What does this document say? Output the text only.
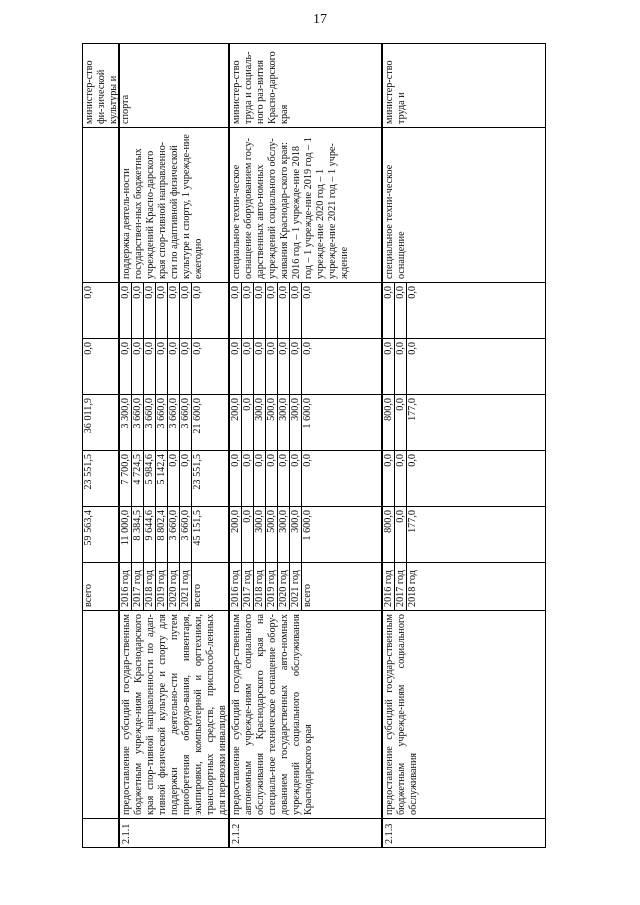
17
всего
59 563,4
23 551,5
36 011,9
0,0
0,0
министер-ство фи-зической культуры и спорта
2.1.1
предоставление субсидий государ-ственным бюджетным учрежде-ниям Краснодарского края спор-тивной направленности по адап-тивной физической культуре и спорту для поддержки деятельно-сти путем приобретения оборудо-вания, инвентаря, экипировки, компьютерной и оргтехники, транспортных средств, приспособ-ленных для перевозки инвалидов
2016 год 2017 год 2018 год 2019 год 2020 год 2021 год всего
11 000,0 8 384,5 9 644,6 8 802,4 3 660,0 3 660,0 45 151,5
7 700,0 4 724,5 5 984,6 5 142,4 0,0 0,0 23 551,5
3 300,0 3 660,0 3 660,0 3 660,0 3 660,0 3 660,0 21 600,0
0,0 0,0 0,0 0,0 0,0 0,0 0,0
0,0 0,0 0,0 0,0 0,0 0,0 0,0
поддержка деятель-ности государствен-ных бюджетных учреждений Красно-дарского края спор-тивной направленно-сти по адаптивной физической культуре и спорту, 1 учрежде-ние ежегодно
2.1.2
предоставление субсидий государ-ственным автономным учрежде-ниям социального обслуживания Краснодарского края на специаль-ное техническое оснащение обору-дованием государственных авто-номных учреждений социального обслуживания Краснодарского края
2016 год 2017 год 2018 год 2019 год 2020 год 2021 год всего
200,0 0,0 300,0 500,0 300,0 300,0 1 600,0
0,0 0,0 0,0 0,0 0,0 0,0 0,0
200,0 0,0 300,0 500,0 300,0 300,0 1 600,0
0,0 0,0 0,0 0,0 0,0 0,0 0,0
0,0 0,0 0,0 0,0 0,0 0,0 0,0
специальное техни-ческое оснащение оборудованием госу-дарственных авто-номных учреждений социального обслу-живания Краснодар-ского края: 2016 год – 1 учрежде-ние 2018 год – 1 учрежде-ние 2019 год – 1 учрежде-ние 2020 год – 1 учрежде-ние 2021 год – 1 учре-ждение
министер-ство труда и социаль-ного раз-вития Красно-дарского края
2.1.3
предоставление субсидий государ-ственным бюджетным учрежде-ниям социального обслуживания
2016 год 2017 год 2018 год
800,0 0,0 177,0
0,0 0,0 0,0
800,0 0,0 177,0
0,0 0,0 0,0
0,0 0,0 0,0
специальное техни-ческое оснащение
министер-ство труда и
